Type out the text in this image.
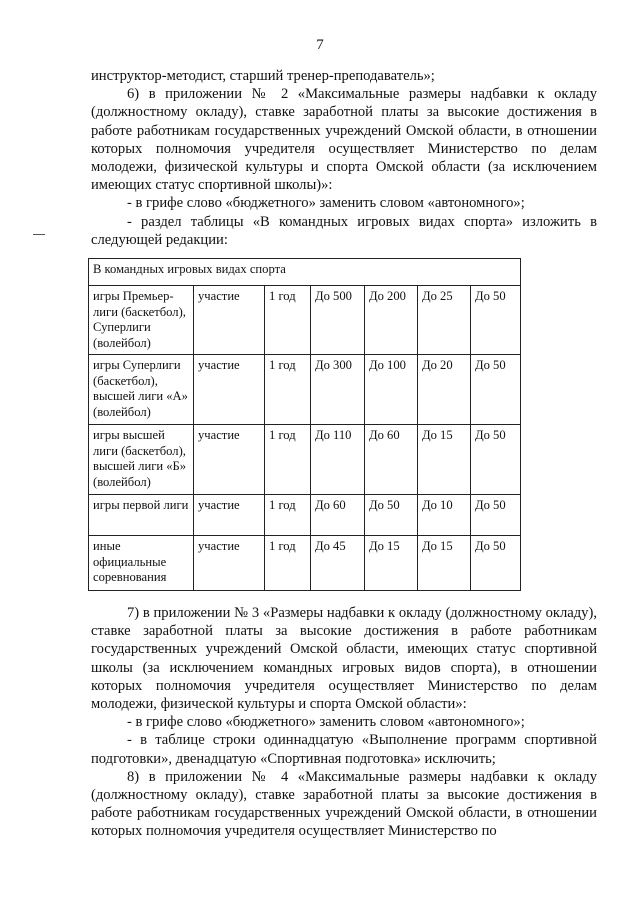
7

инструктор-методист, старший тренер-преподаватель»;

6) в приложении № 2 «Максимальные размеры надбавки к окладу (должностному окладу), ставке заработной платы за высокие достижения в работе работникам государственных учреждений Омской области, в отношении которых полномочия учредителя осуществляет Министерство по делам молодежи, физической культуры и спорта Омской области (за исключением имеющих статус спортивной школы)»:

- в грифе слово «бюджетного» заменить словом «автономного»;

- раздел таблицы «В командных игровых видах спорта» изложить в следующей редакции:

В командных игровых видах спорта						
игры Премьер-лиги (баскетбол), Суперлиги (волейбол)	участие	1 год	До 500	До 200	До 25	До 50
игры Суперлиги (баскетбол), высшей лиги «А» (волейбол)	участие	1 год	До 300	До 100	До 20	До 50
игры высшей лиги (баскетбол), высшей лиги «Б» (волейбол)	участие	1 год	До 110	До 60	До 15	До 50
игры первой лиги	участие	1 год	До 60	До 50	До 10	До 50
иные официальные соревнования	участие	1 год	До 45	До 15	До 15	До 50

7) в приложении № 3 «Размеры надбавки к окладу (должностному окладу), ставке заработной платы за высокие достижения в работе работникам государственных учреждений Омской области, имеющих статус спортивной школы (за исключением командных игровых видов спорта), в отношении которых полномочия учредителя осуществляет Министерство по делам молодежи, физической культуры и спорта Омской области»:

- в грифе слово «бюджетного» заменить словом «автономного»;

- в таблице строки одиннадцатую «Выполнение программ спортивной подготовки», двенадцатую «Спортивная подготовка» исключить;

8) в приложении № 4 «Максимальные размеры надбавки к окладу (должностному окладу), ставке заработной платы за высокие достижения в работе работникам государственных учреждений Омской области, в отношении которых полномочия учредителя осуществляет Министерство по
